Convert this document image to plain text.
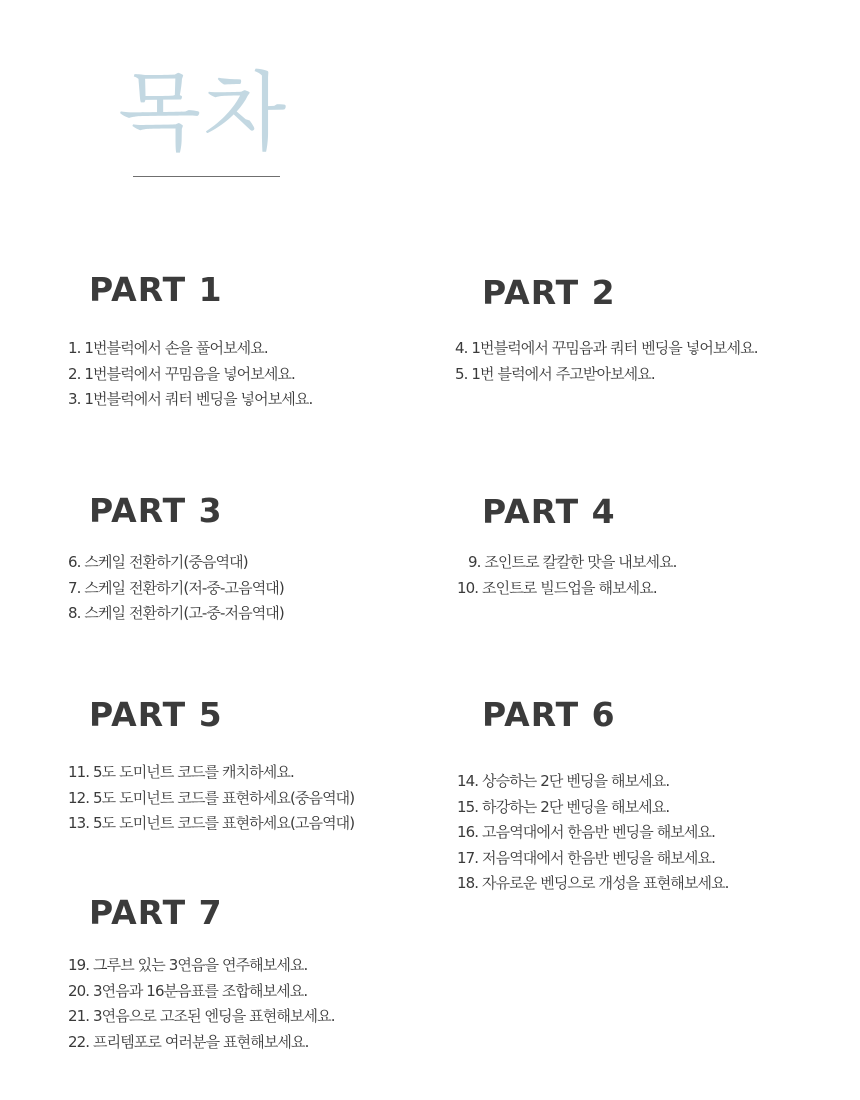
목차
PART 1
1. 1번블럭에서 손을 풀어보세요.
2. 1번블럭에서 꾸밈음을 넣어보세요.
3. 1번블럭에서 쿼터 벤딩을 넣어보세요.
PART 2
4. 1번블럭에서 꾸밈음과 쿼터 벤딩을 넣어보세요.
5. 1번 블럭에서 주고받아보세요.
PART 3
6. 스케일 전환하기(중음역대)
7. 스케일 전환하기(저-중-고음역대)
8. 스케일 전환하기(고-중-저음역대)
PART 4
9. 조인트로 칼칼한 맛을 내보세요.
10. 조인트로 빌드업을 해보세요.
PART 5
11. 5도 도미넌트 코드를 캐치하세요.
12. 5도 도미넌트 코드를 표현하세요(중음역대)
13. 5도 도미넌트 코드를 표현하세요(고음역대)
PART 6
14. 상승하는 2단 벤딩을 해보세요.
15. 하강하는 2단 벤딩을 해보세요.
16. 고음역대에서 한음반 벤딩을 해보세요.
17. 저음역대에서 한음반 벤딩을 해보세요.
18. 자유로운 벤딩으로 개성을 표현해보세요.
PART 7
19. 그루브 있는 3연음을 연주해보세요.
20. 3연음과 16분음표를 조합해보세요.
21. 3연음으로 고조된 엔딩을 표현해보세요.
22. 프리템포로 여러분을 표현해보세요.
